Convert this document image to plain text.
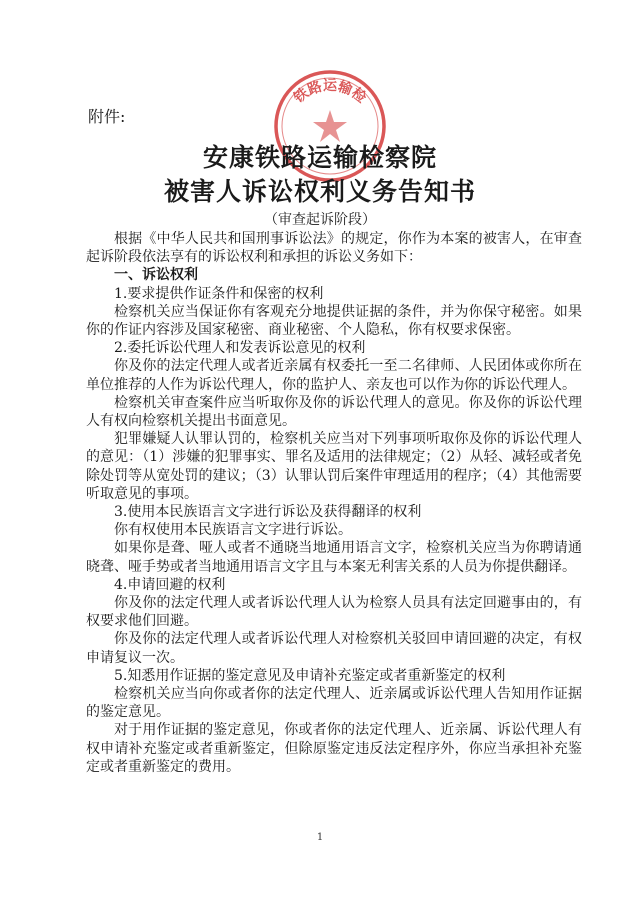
附件:
铁路运输检
安康铁路运输检察院
被害人诉讼权利义务告知书
（审查起诉阶段）

根据《中华人民共和国刑事诉讼法》的规定，你作为本案的被害人，在审查起诉阶段依法享有的诉讼权利和承担的诉讼义务如下：

一、诉讼权利

1.要求提供作证条件和保密的权利

检察机关应当保证你有客观充分地提供证据的条件，并为你保守秘密。如果你的作证内容涉及国家秘密、商业秘密、个人隐私，你有权要求保密。

2.委托诉讼代理人和发表诉讼意见的权利

你及你的法定代理人或者近亲属有权委托一至二名律师、人民团体或你所在单位推荐的人作为诉讼代理人，你的监护人、亲友也可以作为你的诉讼代理人。

检察机关审查案件应当听取你及你的诉讼代理人的意见。你及你的诉讼代理人有权向检察机关提出书面意见。

犯罪嫌疑人认罪认罚的，检察机关应当对下列事项听取你及你的诉讼代理人的意见：（1）涉嫌的犯罪事实、罪名及适用的法律规定；（2）从轻、减轻或者免除处罚等从宽处罚的建议；（3）认罪认罚后案件审理适用的程序；（4）其他需要听取意见的事项。

3.使用本民族语言文字进行诉讼及获得翻译的权利

你有权使用本民族语言文字进行诉讼。

如果你是聋、哑人或者不通晓当地通用语言文字，检察机关应当为你聘请通晓聋、哑手势或者当地通用语言文字且与本案无利害关系的人员为你提供翻译。

4.申请回避的权利

你及你的法定代理人或者诉讼代理人认为检察人员具有法定回避事由的，有权要求他们回避。

你及你的法定代理人或者诉讼代理人对检察机关驳回申请回避的决定，有权申请复议一次。

5.知悉用作证据的鉴定意见及申请补充鉴定或者重新鉴定的权利

检察机关应当向你或者你的法定代理人、近亲属或诉讼代理人告知用作证据的鉴定意见。

对于用作证据的鉴定意见，你或者你的法定代理人、近亲属、诉讼代理人有权申请补充鉴定或者重新鉴定，但除原鉴定违反法定程序外，你应当承担补充鉴定或者重新鉴定的费用。

1
